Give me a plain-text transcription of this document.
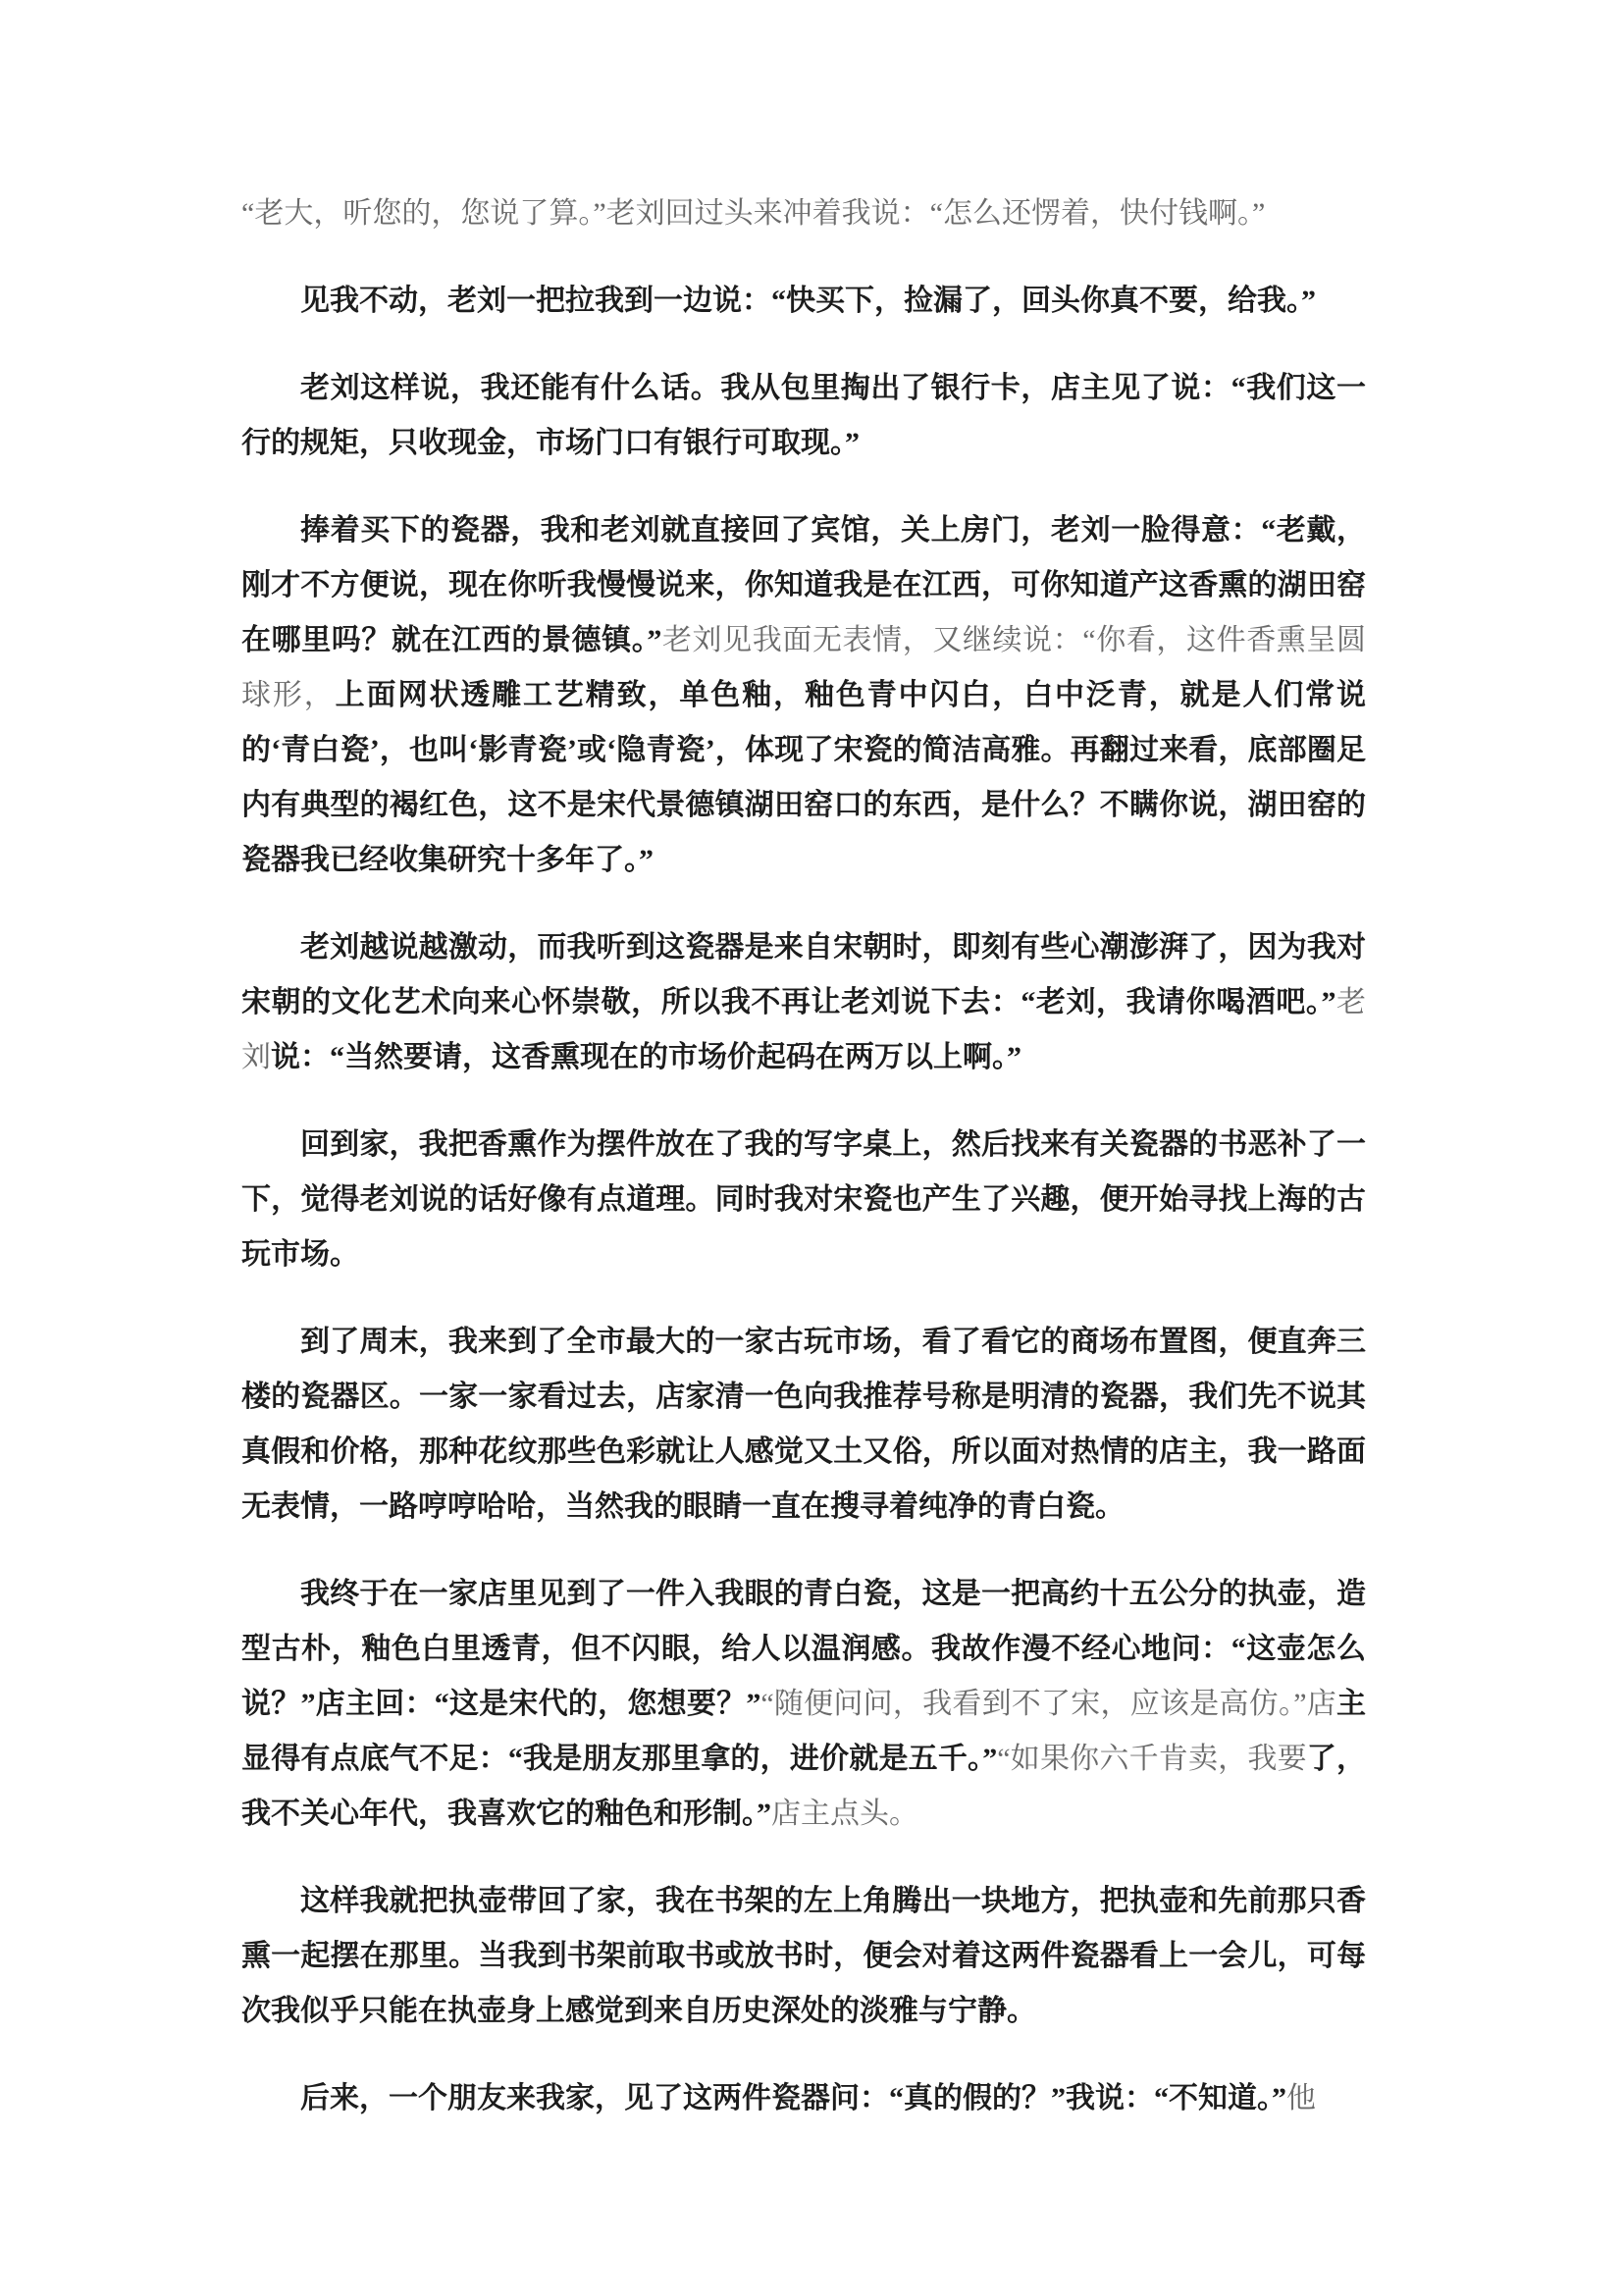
“老大，听您的，您说了算。”老刘回过头来冲着我说：“怎么还愣着，快付钱啊。”

见我不动，老刘一把拉我到一边说：“快买下，捡漏了，回头你真不要，给我。”

老刘这样说，我还能有什么话。我从包里掏出了银行卡，店主见了说：“我们这一行的规矩，只收现金，市场门口有银行可取现。”

捧着买下的瓷器，我和老刘就直接回了宾馆，关上房门，老刘一脸得意：“老戴，刚才不方便说，现在你听我慢慢说来，你知道我是在江西，可你知道产这香熏的湖田窑在哪里吗？就在江西的景德镇。”老刘见我面无表情，又继续说：“你看，这件香熏呈圆球形，上面网状透雕工艺精致，单色釉，釉色青中闪白，白中泛青，就是人们常说的‘青白瓷’，也叫‘影青瓷’或‘隐青瓷’，体现了宋瓷的简洁高雅。再翻过来看，底部圈足内有典型的褐红色，这不是宋代景德镇湖田窑口的东西，是什么？不瞒你说，湖田窑的瓷器我已经收集研究十多年了。”

老刘越说越激动，而我听到这瓷器是来自宋朝时，即刻有些心潮澎湃了，因为我对宋朝的文化艺术向来心怀崇敬，所以我不再让老刘说下去：“老刘，我请你喝酒吧。”老刘说：“当然要请，这香熏现在的市场价起码在两万以上啊。”

回到家，我把香熏作为摆件放在了我的写字桌上，然后找来有关瓷器的书恶补了一下，觉得老刘说的话好像有点道理。同时我对宋瓷也产生了兴趣，便开始寻找上海的古玩市场。

到了周末，我来到了全市最大的一家古玩市场，看了看它的商场布置图，便直奔三楼的瓷器区。一家一家看过去，店家清一色向我推荐号称是明清的瓷器，我们先不说其真假和价格，那种花纹那些色彩就让人感觉又土又俗，所以面对热情的店主，我一路面无表情，一路哼哼哈哈，当然我的眼睛一直在搜寻着纯净的青白瓷。

我终于在一家店里见到了一件入我眼的青白瓷，这是一把高约十五公分的执壶，造型古朴，釉色白里透青，但不闪眼，给人以温润感。我故作漫不经心地问：“这壶怎么说？”店主回：“这是宋代的，您想要？”“随便问问，我看到不了宋，应该是高仿。”店主显得有点底气不足：“我是朋友那里拿的，进价就是五千。”“如果你六千肯卖，我要了，我不关心年代，我喜欢它的釉色和形制。”店主点头。

这样我就把执壶带回了家，我在书架的左上角腾出一块地方，把执壶和先前那只香熏一起摆在那里。当我到书架前取书或放书时，便会对着这两件瓷器看上一会儿，可每次我似乎只能在执壶身上感觉到来自历史深处的淡雅与宁静。

后来，一个朋友来我家，见了这两件瓷器问：“真的假的？”我说：“不知道。”他
